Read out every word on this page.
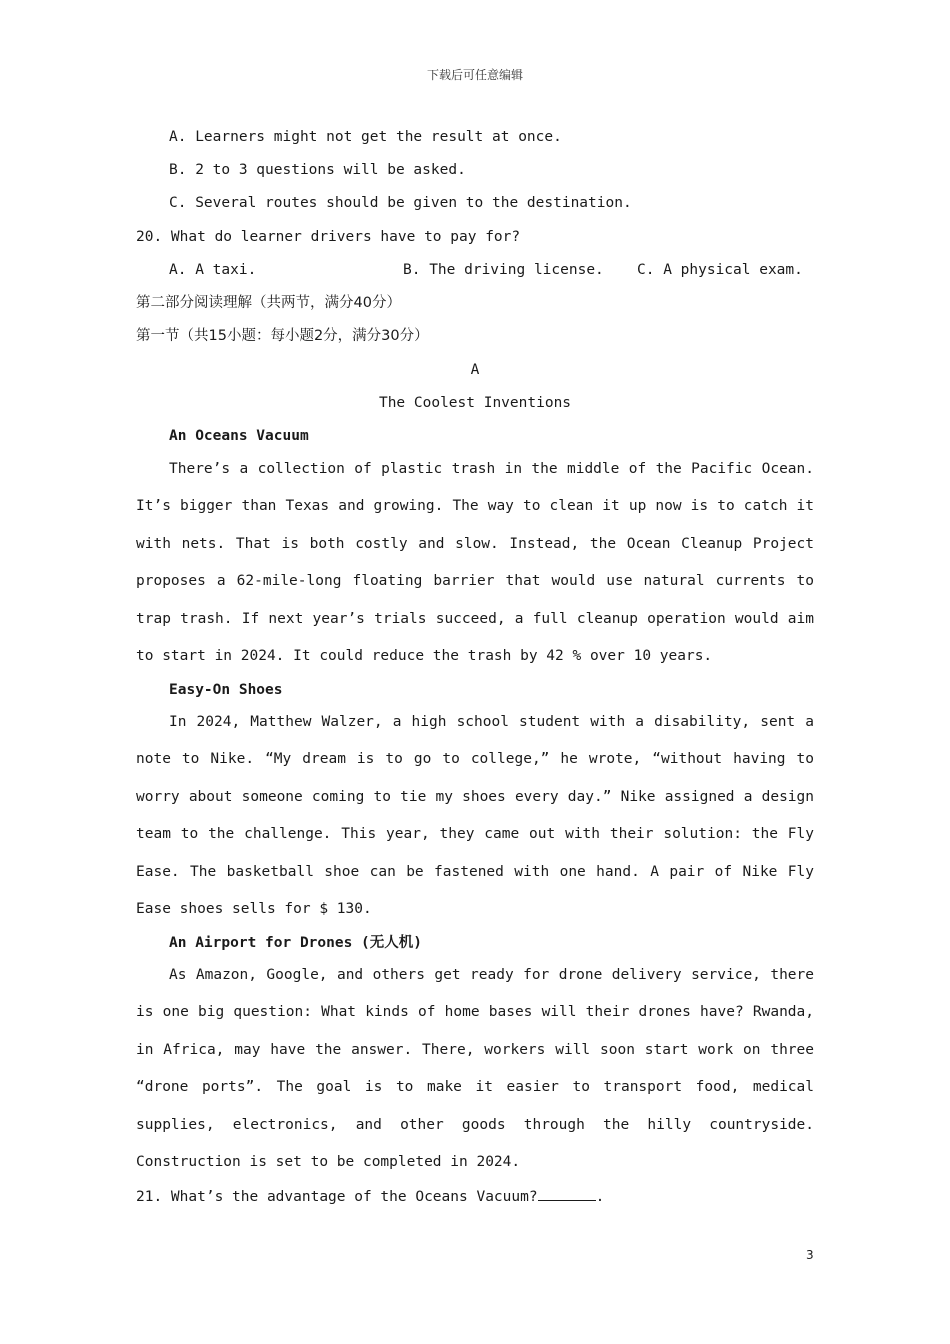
下载后可任意编辑
A. Learners might not get the result at once.
B. 2 to 3 questions will be asked.
C. Several routes should be given to the destination.
20. What do learner drivers have to pay for?
A. A taxi.	B. The driving license. C. A physical exam.
第二部分阅读理解（共两节，满分40分）
第一节（共15小题：每小题2分，满分30分）
A
The Coolest Inventions
An Oceans Vacuum
There’s a collection of plastic trash in the middle of the Pacific Ocean. It’s bigger than Texas and growing. The way to clean it up now is to catch it with nets. That is both costly and slow. Instead, the Ocean Cleanup Project proposes a 62-mile-long floating barrier that would use natural currents to trap trash. If next year’s trials succeed, a full cleanup operation would aim to start in 2024. It could reduce the trash by 42 % over 10 years.
Easy-On Shoes
In 2024, Matthew Walzer, a high school student with a disability, sent a note to Nike. “My dream is to go to college,” he wrote, “without having to worry about someone coming to tie my shoes every day.” Nike assigned a design team to the challenge. This year, they came out with their solution: the Fly Ease. The basketball shoe can be fastened with one hand. A pair of Nike Fly Ease shoes sells for $ 130.
An Airport for Drones (无人机)
As Amazon, Google, and others get ready for drone delivery service, there is one big question: What kinds of home bases will their drones have? Rwanda, in Africa, may have the answer. There, workers will soon start work on three “drone ports”. The goal is to make it easier to transport food, medical supplies, electronics, and other goods through the hilly countryside. Construction is set to be completed in 2024.
21. What’s the advantage of the Oceans Vacuum?	.
3
